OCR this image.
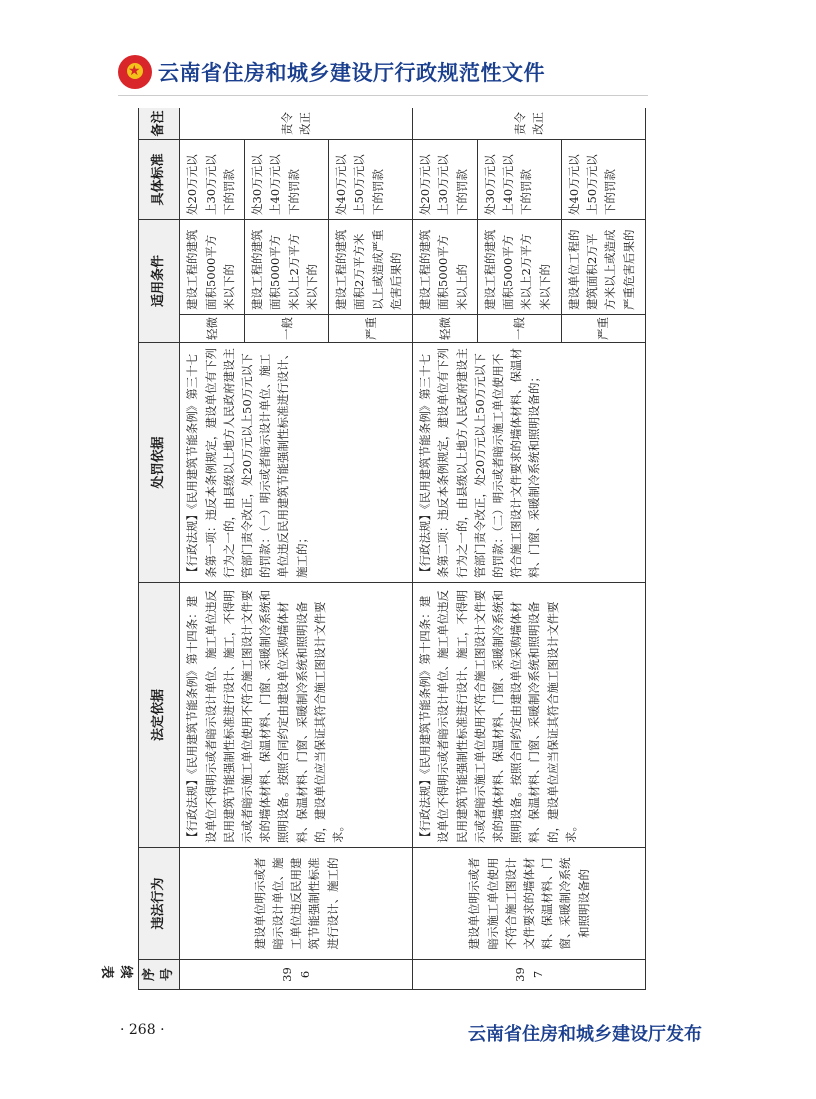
★
云南省住房和城乡建设厅行政规范性文件
续表	序号	违法行为	法定依据	处罚依据	适用条件		具体标准	备注
396	建设单位明示或者暗示设计单位、施工单位违反民用建筑节能强制性标准进行设计、施工的	【行政法规】《民用建筑节能条例》第十四条：建设单位不得明示或者暗示设计单位、施工单位违反民用建筑节能强制性标准进行设计、施工，不得明示或者暗示施工单位使用不符合施工图设计文件要求的墙体材料、保温材料、门窗、采暖制冷系统和照明设备。按照合同约定由建设单位采购墙体材料、保温材料、门窗、采暖制冷系统和照明设备的，建设单位应当保证其符合施工图设计文件要求。	【行政法规】《民用建筑节能条例》第三十七条第一项：违反本条例规定，建设单位有下列行为之一的，由县级以上地方人民政府建设主管部门责令改正，处20万元以上50万元以下的罚款：（一）明示或者暗示设计单位、施工单位违反民用建筑节能强制性标准进行设计、施工的；	轻微	建设工程的建筑面积5000平方米以下的	处20万元以上30万元以下的罚款	责令改正
				一般	建设工程的建筑面积5000平方米以上2万平方米以下的	处30万元以上40万元以下的罚款	
				严重	建设工程的建筑面积2万平方米以上或造成严重危害后果的	处40万元以上50万元以下的罚款	
397	建设单位明示或者暗示施工单位使用不符合施工图设计文件要求的墙体材料、保温材料、门窗、采暖制冷系统和照明设备的	【行政法规】《民用建筑节能条例》第十四条：建设单位不得明示或者暗示设计单位、施工单位违反民用建筑节能强制性标准进行设计、施工，不得明示或者暗示施工单位使用不符合施工图设计文件要求的墙体材料、保温材料、门窗、采暖制冷系统和照明设备。按照合同约定由建设单位采购墙体材料、保温材料、门窗、采暖制冷系统和照明设备的，建设单位应当保证其符合施工图设计文件要求。	【行政法规】《民用建筑节能条例》第三十七条第二项：违反本条例规定，建设单位有下列行为之一的，由县级以上地方人民政府建设主管部门责令改正，处20万元以上50万元以下的罚款：（二）明示或者暗示施工单位使用不符合施工图设计文件要求的墙体材料、保温材料、门窗、采暖制冷系统和照明设备的；	轻微	建设工程的建筑面积5000平方米以上的	处20万元以上30万元以下的罚款	责令改正
				一般	建设工程的建筑面积5000平方米以上2万平方米以下的	处30万元以上40万元以下的罚款	
				严重	建设单位工程的建筑面积2万平方米以上或造成严重危害后果的	处40万元以上50万元以下的罚款	
· 268 ·	云南省住房和城乡建设厅发布
